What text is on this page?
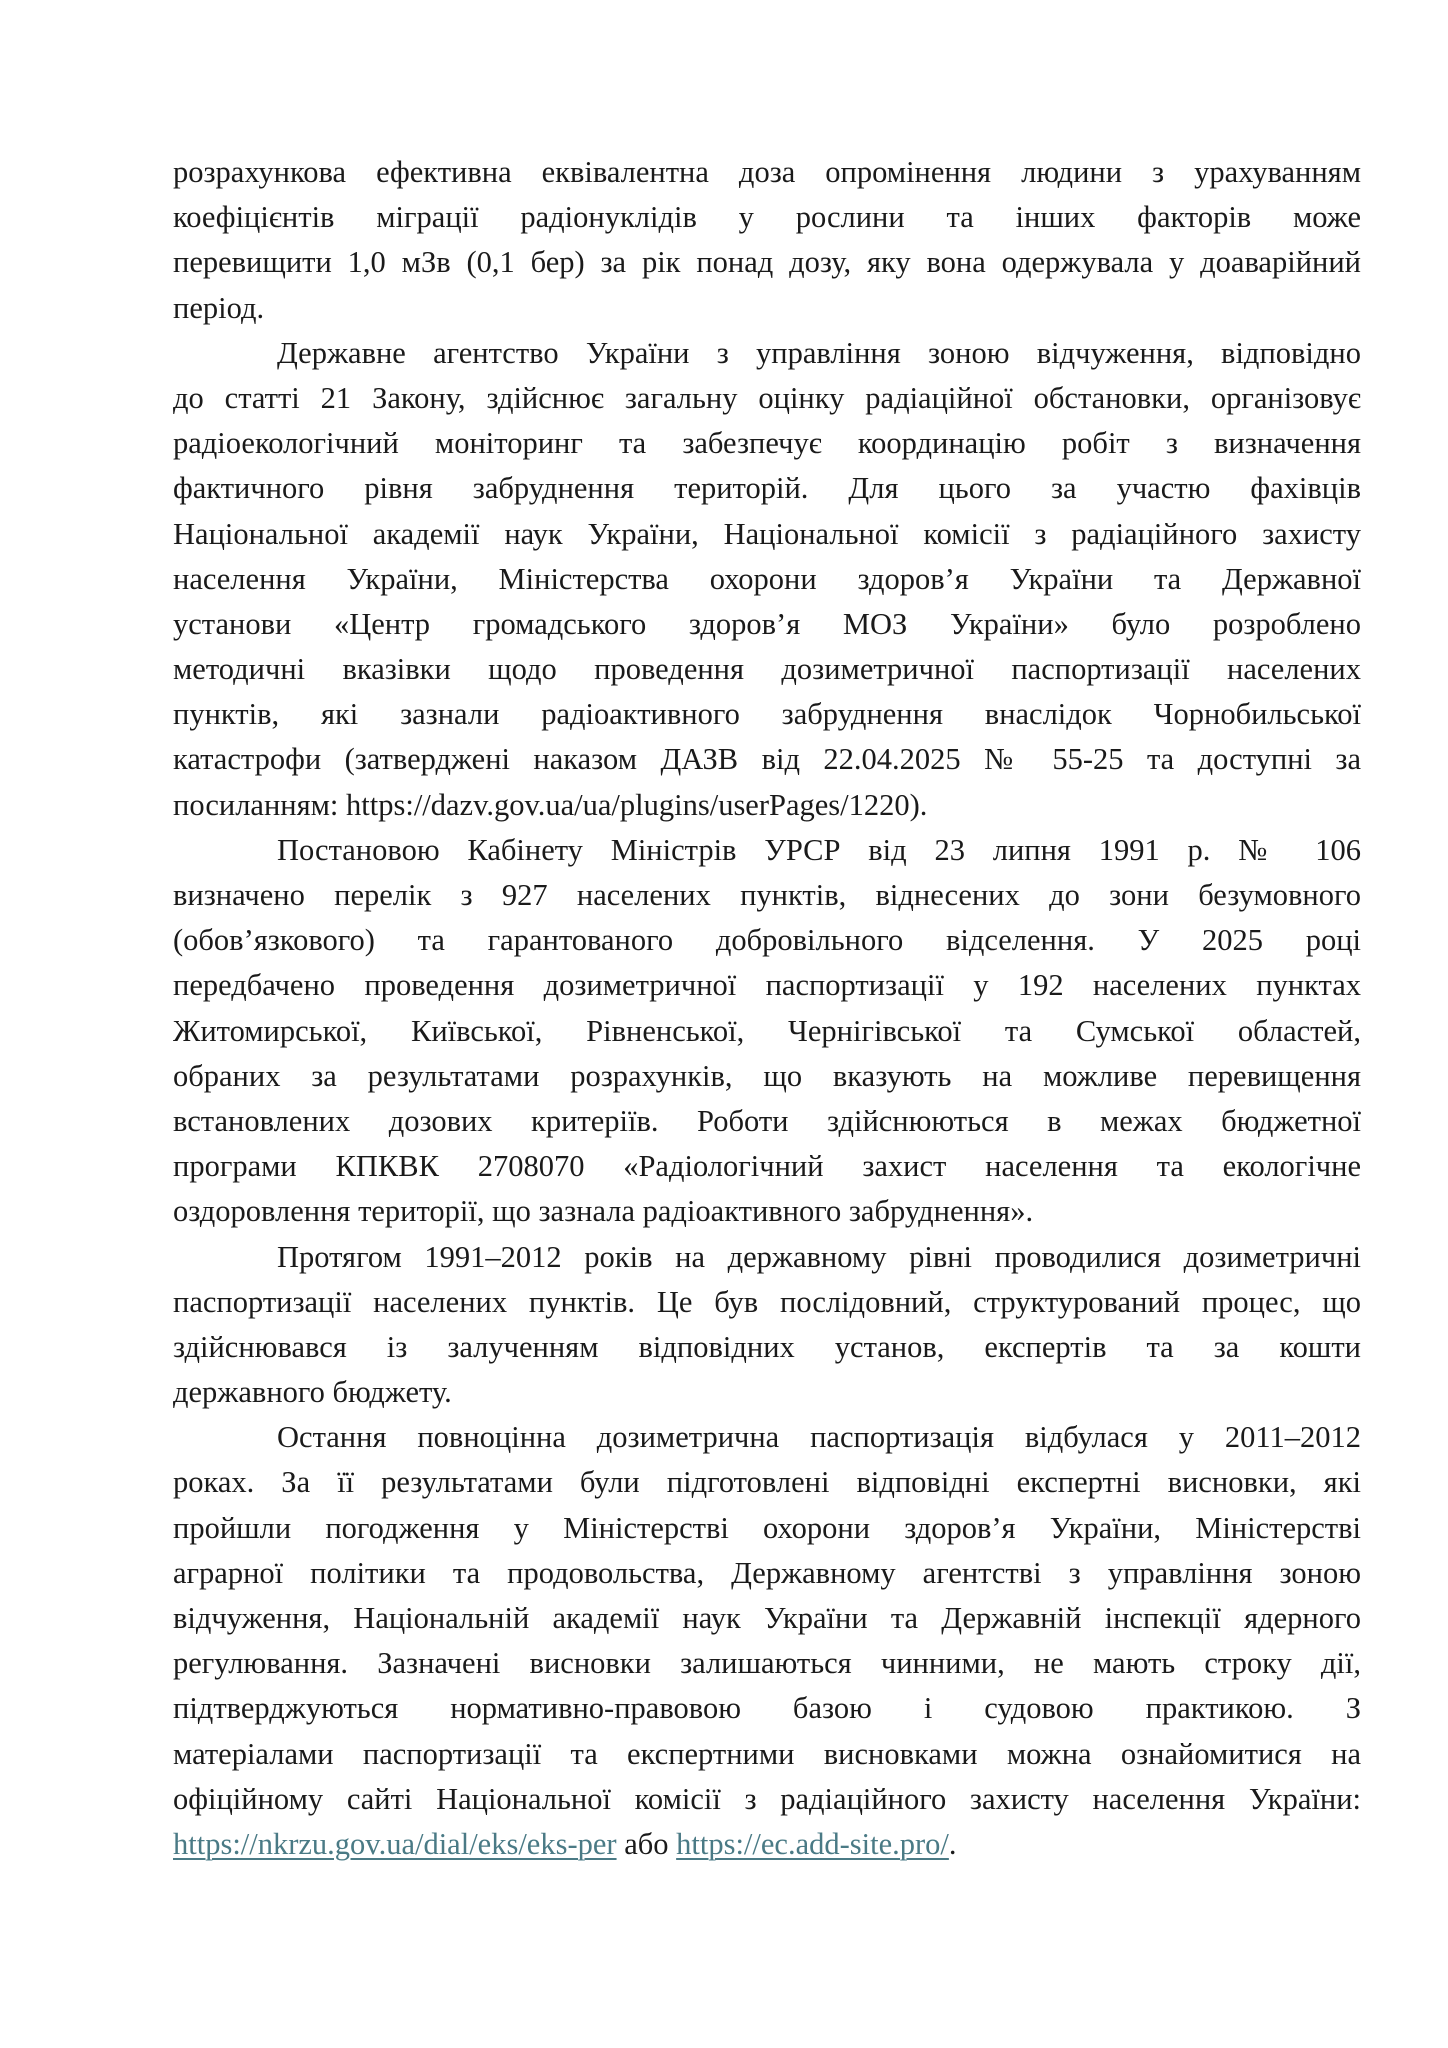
розрахункова ефективна еквівалентна доза опромінення людини з урахуванням
коефіцієнтів міграції радіонуклідів у рослини та інших факторів може
перевищити 1,0 мЗв (0,1 бер) за рік понад дозу, яку вона одержувала у доаварійний
період.
Державне агентство України з управління зоною відчуження, відповідно
до статті 21 Закону, здійснює загальну оцінку радіаційної обстановки, організовує
радіоекологічний моніторинг та забезпечує координацію робіт з визначення
фактичного рівня забруднення територій. Для цього за участю фахівців
Національної академії наук України, Національної комісії з радіаційного захисту
населення України, Міністерства охорони здоров’я України та Державної
установи «Центр громадського здоров’я МОЗ України» було розроблено
методичні вказівки щодо проведення дозиметричної паспортизації населених
пунктів, які зазнали радіоактивного забруднення внаслідок Чорнобильської
катастрофи (затверджені наказом ДАЗВ від 22.04.2025 № 55-25 та доступні за
посиланням: https://dazv.gov.ua/ua/plugins/userPages/1220).
Постановою Кабінету Міністрів УРСР від 23 липня 1991 р. № 106
визначено перелік з 927 населених пунктів, віднесених до зони безумовного
(обов’язкового) та гарантованого добровільного відселення. У 2025 році
передбачено проведення дозиметричної паспортизації у 192 населених пунктах
Житомирської, Київської, Рівненської, Чернігівської та Сумської областей,
обраних за результатами розрахунків, що вказують на можливе перевищення
встановлених дозових критеріїв. Роботи здійснюються в межах бюджетної
програми КПКВК 2708070 «Радіологічний захист населення та екологічне
оздоровлення території, що зазнала радіоактивного забруднення».
Протягом 1991–2012 років на державному рівні проводилися дозиметричні
паспортизації населених пунктів. Це був послідовний, структурований процес, що
здійснювався із залученням відповідних установ, експертів та за кошти
державного бюджету.
Остання повноцінна дозиметрична паспортизація відбулася у 2011–2012
роках. За її результатами були підготовлені відповідні експертні висновки, які
пройшли погодження у Міністерстві охорони здоров’я України, Міністерстві
аграрної політики та продовольства, Державному агентстві з управління зоною
відчуження, Національній академії наук України та Державній інспекції ядерного
регулювання. Зазначені висновки залишаються чинними, не мають строку дії,
підтверджуються нормативно-правовою базою і судовою практикою. З
матеріалами паспортизації та експертними висновками можна ознайомитися на
офіційному сайті Національної комісії з радіаційного захисту населення України:
https://nkrzu.gov.ua/dial/eks/eks-per або https://ec.add-site.pro/.
